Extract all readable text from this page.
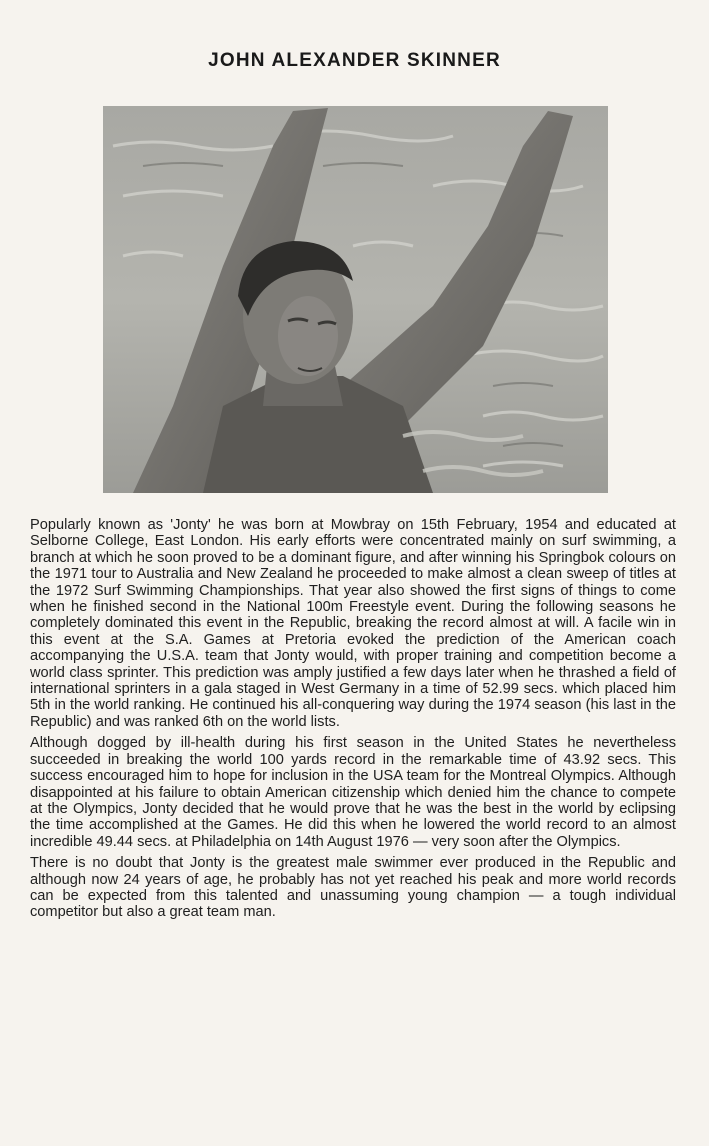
JOHN ALEXANDER SKINNER

Popularly known as 'Jonty' he was born at Mowbray on 15th February, 1954 and educated at Selborne College, East London. His early efforts were concentrated mainly on surf swimming, a branch at which he soon proved to be a dominant figure, and after winning his Springbok colours on the 1971 tour to Australia and New Zealand he proceeded to make almost a clean sweep of titles at the 1972 Surf Swimming Championships. That year also showed the first signs of things to come when he finished second in the National 100m Freestyle event. During the following seasons he completely dominated this event in the Republic, breaking the record almost at will. A facile win in this event at the S.A. Games at Pretoria evoked the prediction of the American coach accompanying the U.S.A. team that Jonty would, with proper training and competition become a world class sprinter. This prediction was amply justified a few days later when he thrashed a field of international sprinters in a gala staged in West Germany in a time of 52.99 secs. which placed him 5th in the world ranking. He continued his all-conquering way during the 1974 season (his last in the Republic) and was ranked 6th on the world lists.

Although dogged by ill-health during his first season in the United States he nevertheless succeeded in breaking the world 100 yards record in the remarkable time of 43.92 secs. This success encouraged him to hope for inclusion in the USA team for the Montreal Olympics. Although disappointed at his failure to obtain American citizenship which denied him the chance to compete at the Olympics, Jonty decided that he would prove that he was the best in the world by eclipsing the time accomplished at the Games. He did this when he lowered the world record to an almost incredible 49.44 secs. at Philadelphia on 14th August 1976 — very soon after the Olympics.

There is no doubt that Jonty is the greatest male swimmer ever produced in the Republic and although now 24 years of age, he probably has not yet reached his peak and more world records can be expected from this talented and unassuming young champion — a tough individual competitor but also a great team man.
